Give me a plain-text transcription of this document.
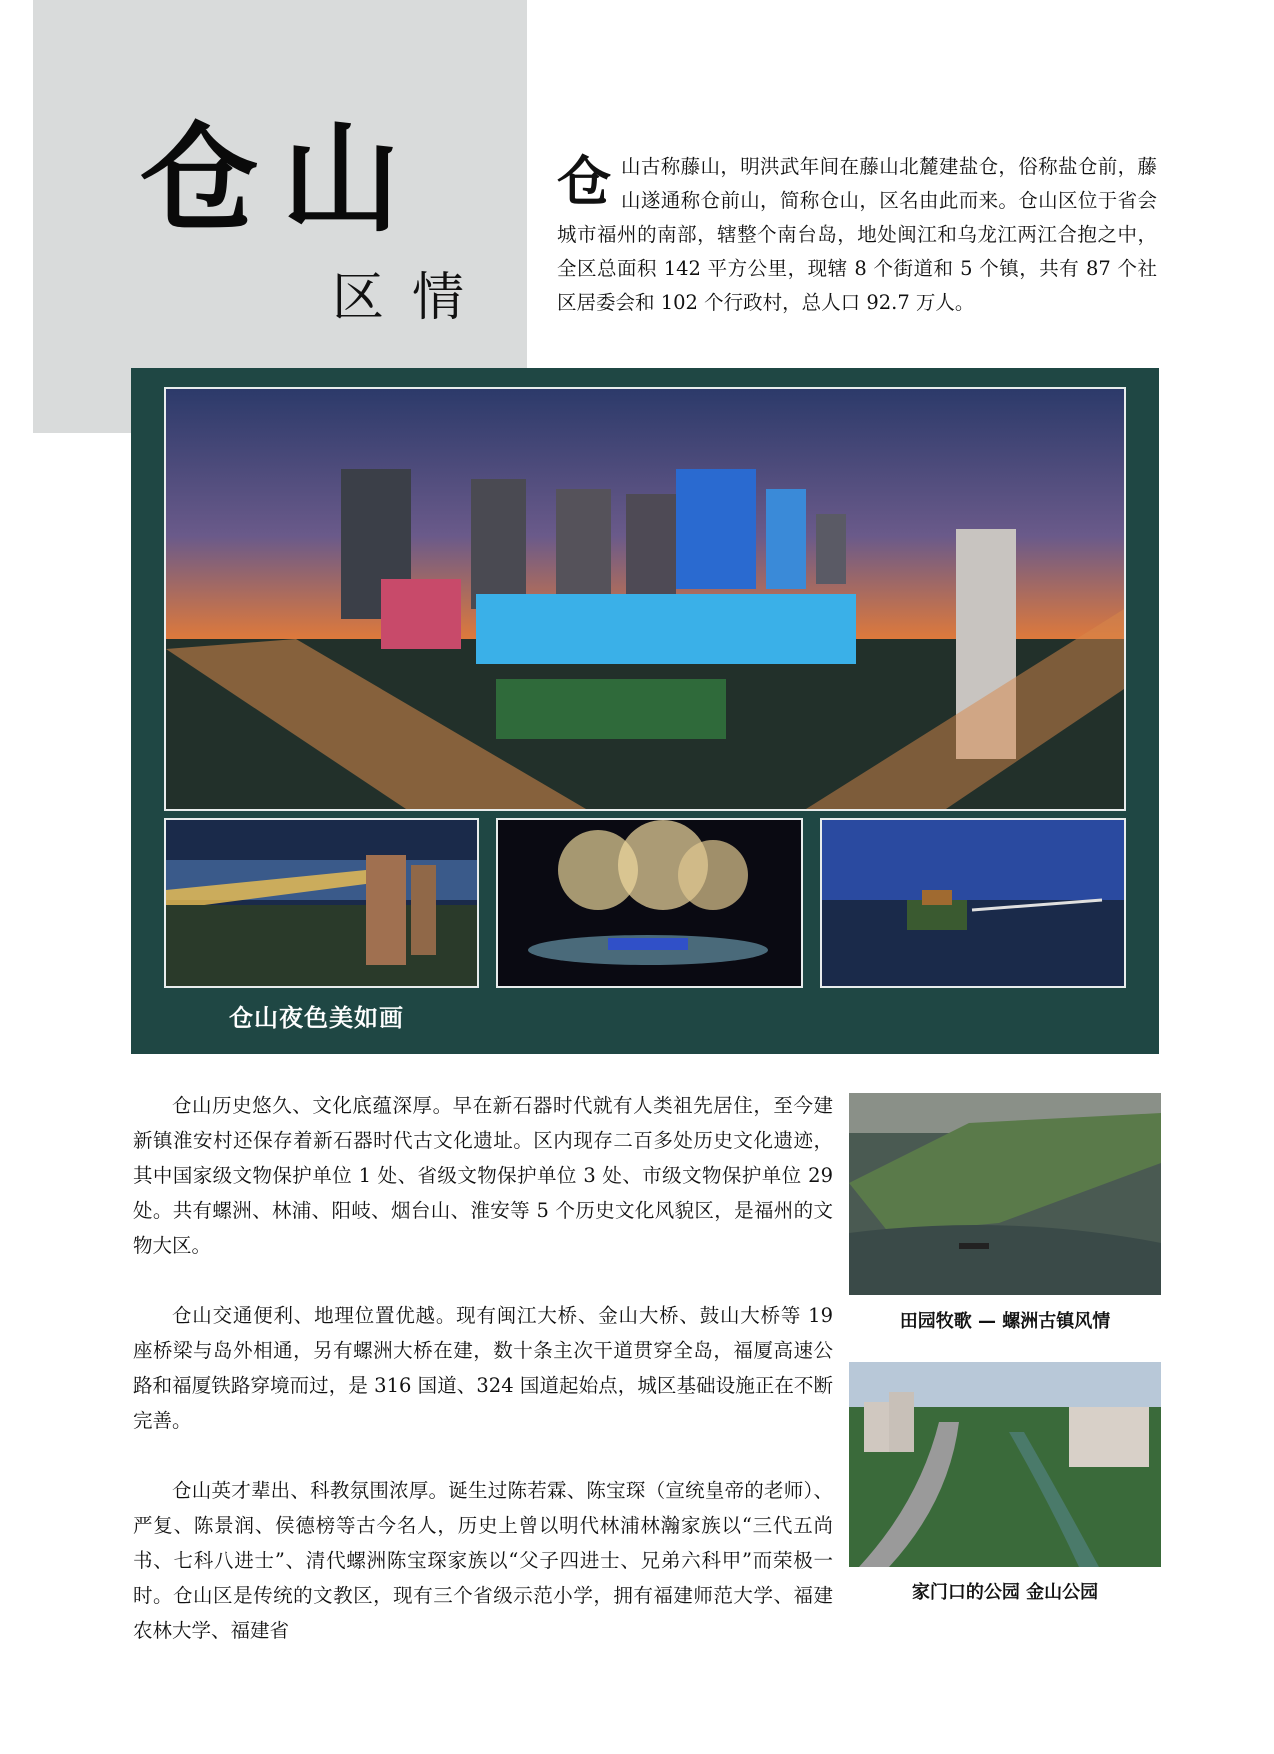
仓山
区情
仓山古称藤山，明洪武年间在藤山北麓建盐仓，俗称盐仓前，藤山遂通称仓前山，简称仓山，区名由此而来。仓山区位于省会城市福州的南部，辖整个南台岛，地处闽江和乌龙江两江合抱之中，全区总面积 142 平方公里，现辖 8 个街道和 5 个镇，共有 87 个社区居委会和 102 个行政村，总人口 92.7 万人。
仓山夜色美如画

仓山历史悠久、文化底蕴深厚。早在新石器时代就有人类祖先居住，至今建新镇淮安村还保存着新石器时代古文化遗址。区内现存二百多处历史文化遗迹，其中国家级文物保护单位 1 处、省级文物保护单位 3 处、市级文物保护单位 29 处。共有螺洲、林浦、阳岐、烟台山、淮安等 5 个历史文化风貌区，是福州的文物大区。

仓山交通便利、地理位置优越。现有闽江大桥、金山大桥、鼓山大桥等 19 座桥梁与岛外相通，另有螺洲大桥在建，数十条主次干道贯穿全岛，福厦高速公路和福厦铁路穿境而过，是 316 国道、324 国道起始点，城区基础设施正在不断完善。

仓山英才辈出、科教氛围浓厚。诞生过陈若霖、陈宝琛（宣统皇帝的老师）、严复、陈景润、侯德榜等古今名人，历史上曾以明代林浦林瀚家族以“三代五尚书、七科八进士”、清代螺洲陈宝琛家族以“父子四进士、兄弟六科甲”而荣极一时。仓山区是传统的文教区，现有三个省级示范小学，拥有福建师范大学、福建农林大学、福建省

田园牧歌 — 螺洲古镇风情
家门口的公园 金山公园
